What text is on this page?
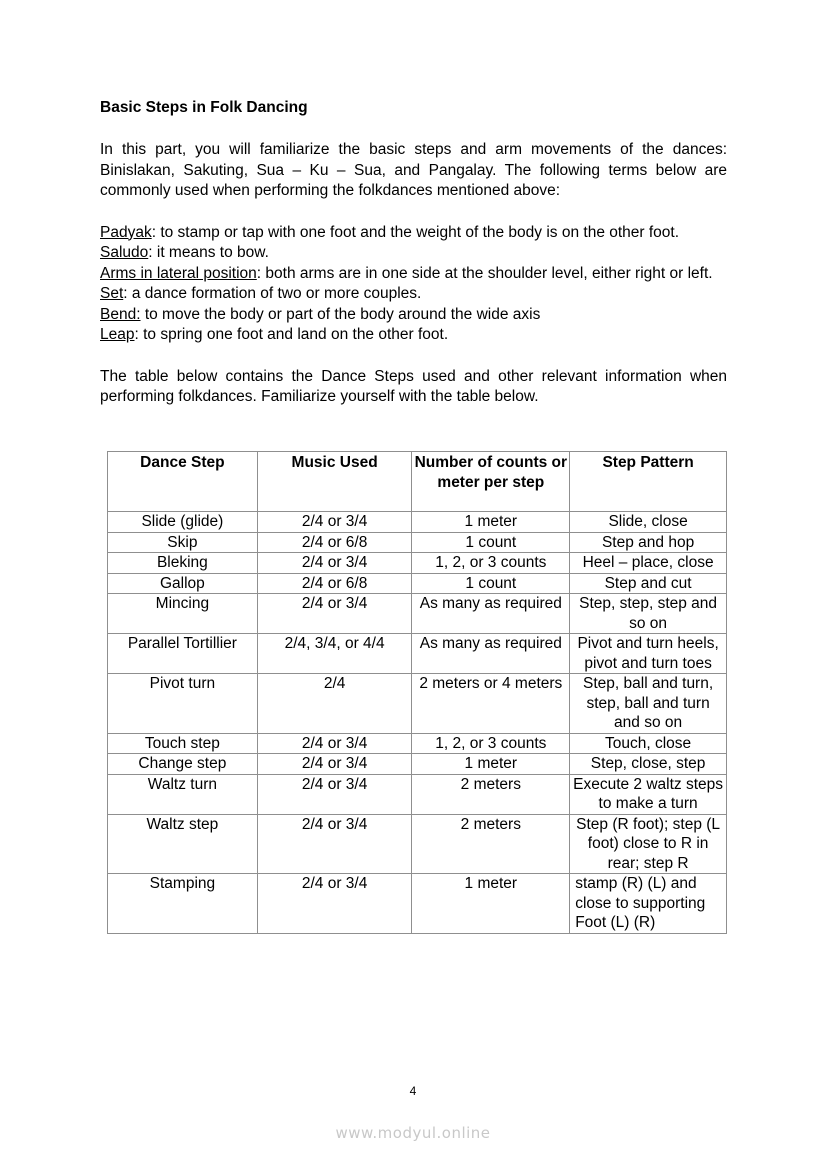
Basic Steps in Folk Dancing

In this part, you will familiarize the basic steps and arm movements of the dances: Binislakan, Sakuting, Sua – Ku – Sua, and Pangalay. The following terms below are commonly used when performing the folkdances mentioned above:

Padyak: to stamp or tap with one foot and the weight of the body is on the other foot.
Saludo: it means to bow.
Arms in lateral position: both arms are in one side at the shoulder level, either right or left.
Set: a dance formation of two or more couples.
Bend: to move the body or part of the body around the wide axis
Leap: to spring one foot and land on the other foot.

The table below contains the Dance Steps used and other relevant information when performing folkdances. Familiarize yourself with the table below.

Dance Step	Music Used	Number of counts or meter per step	Step Pattern
Slide (glide)	2/4 or 3/4	1 meter	Slide, close
Skip	2/4 or 6/8	1 count	Step and hop
Bleking	2/4 or 3/4	1, 2, or 3 counts	Heel – place, close
Gallop	2/4 or 6/8	1 count	Step and cut
Mincing	2/4 or 3/4	As many as required	Step, step, step and so on
Parallel Tortillier	2/4, 3/4, or 4/4	As many as required	Pivot and turn heels, pivot and turn toes
Pivot turn	2/4	2 meters or 4 meters	Step, ball and turn, step, ball and turn and so on
Touch step	2/4 or 3/4	1, 2, or 3 counts	Touch, close
Change step	2/4 or 3/4	1 meter	Step, close, step
Waltz turn	2/4 or 3/4	2 meters	Execute 2 waltz steps to make a turn
Waltz step	2/4 or 3/4	2 meters	Step (R foot); step (L foot) close to R in rear; step R
Stamping	2/4 or 3/4	1 meter	stamp (R) (L) and close to supporting Foot (L) (R)
4
www.modyul.online
